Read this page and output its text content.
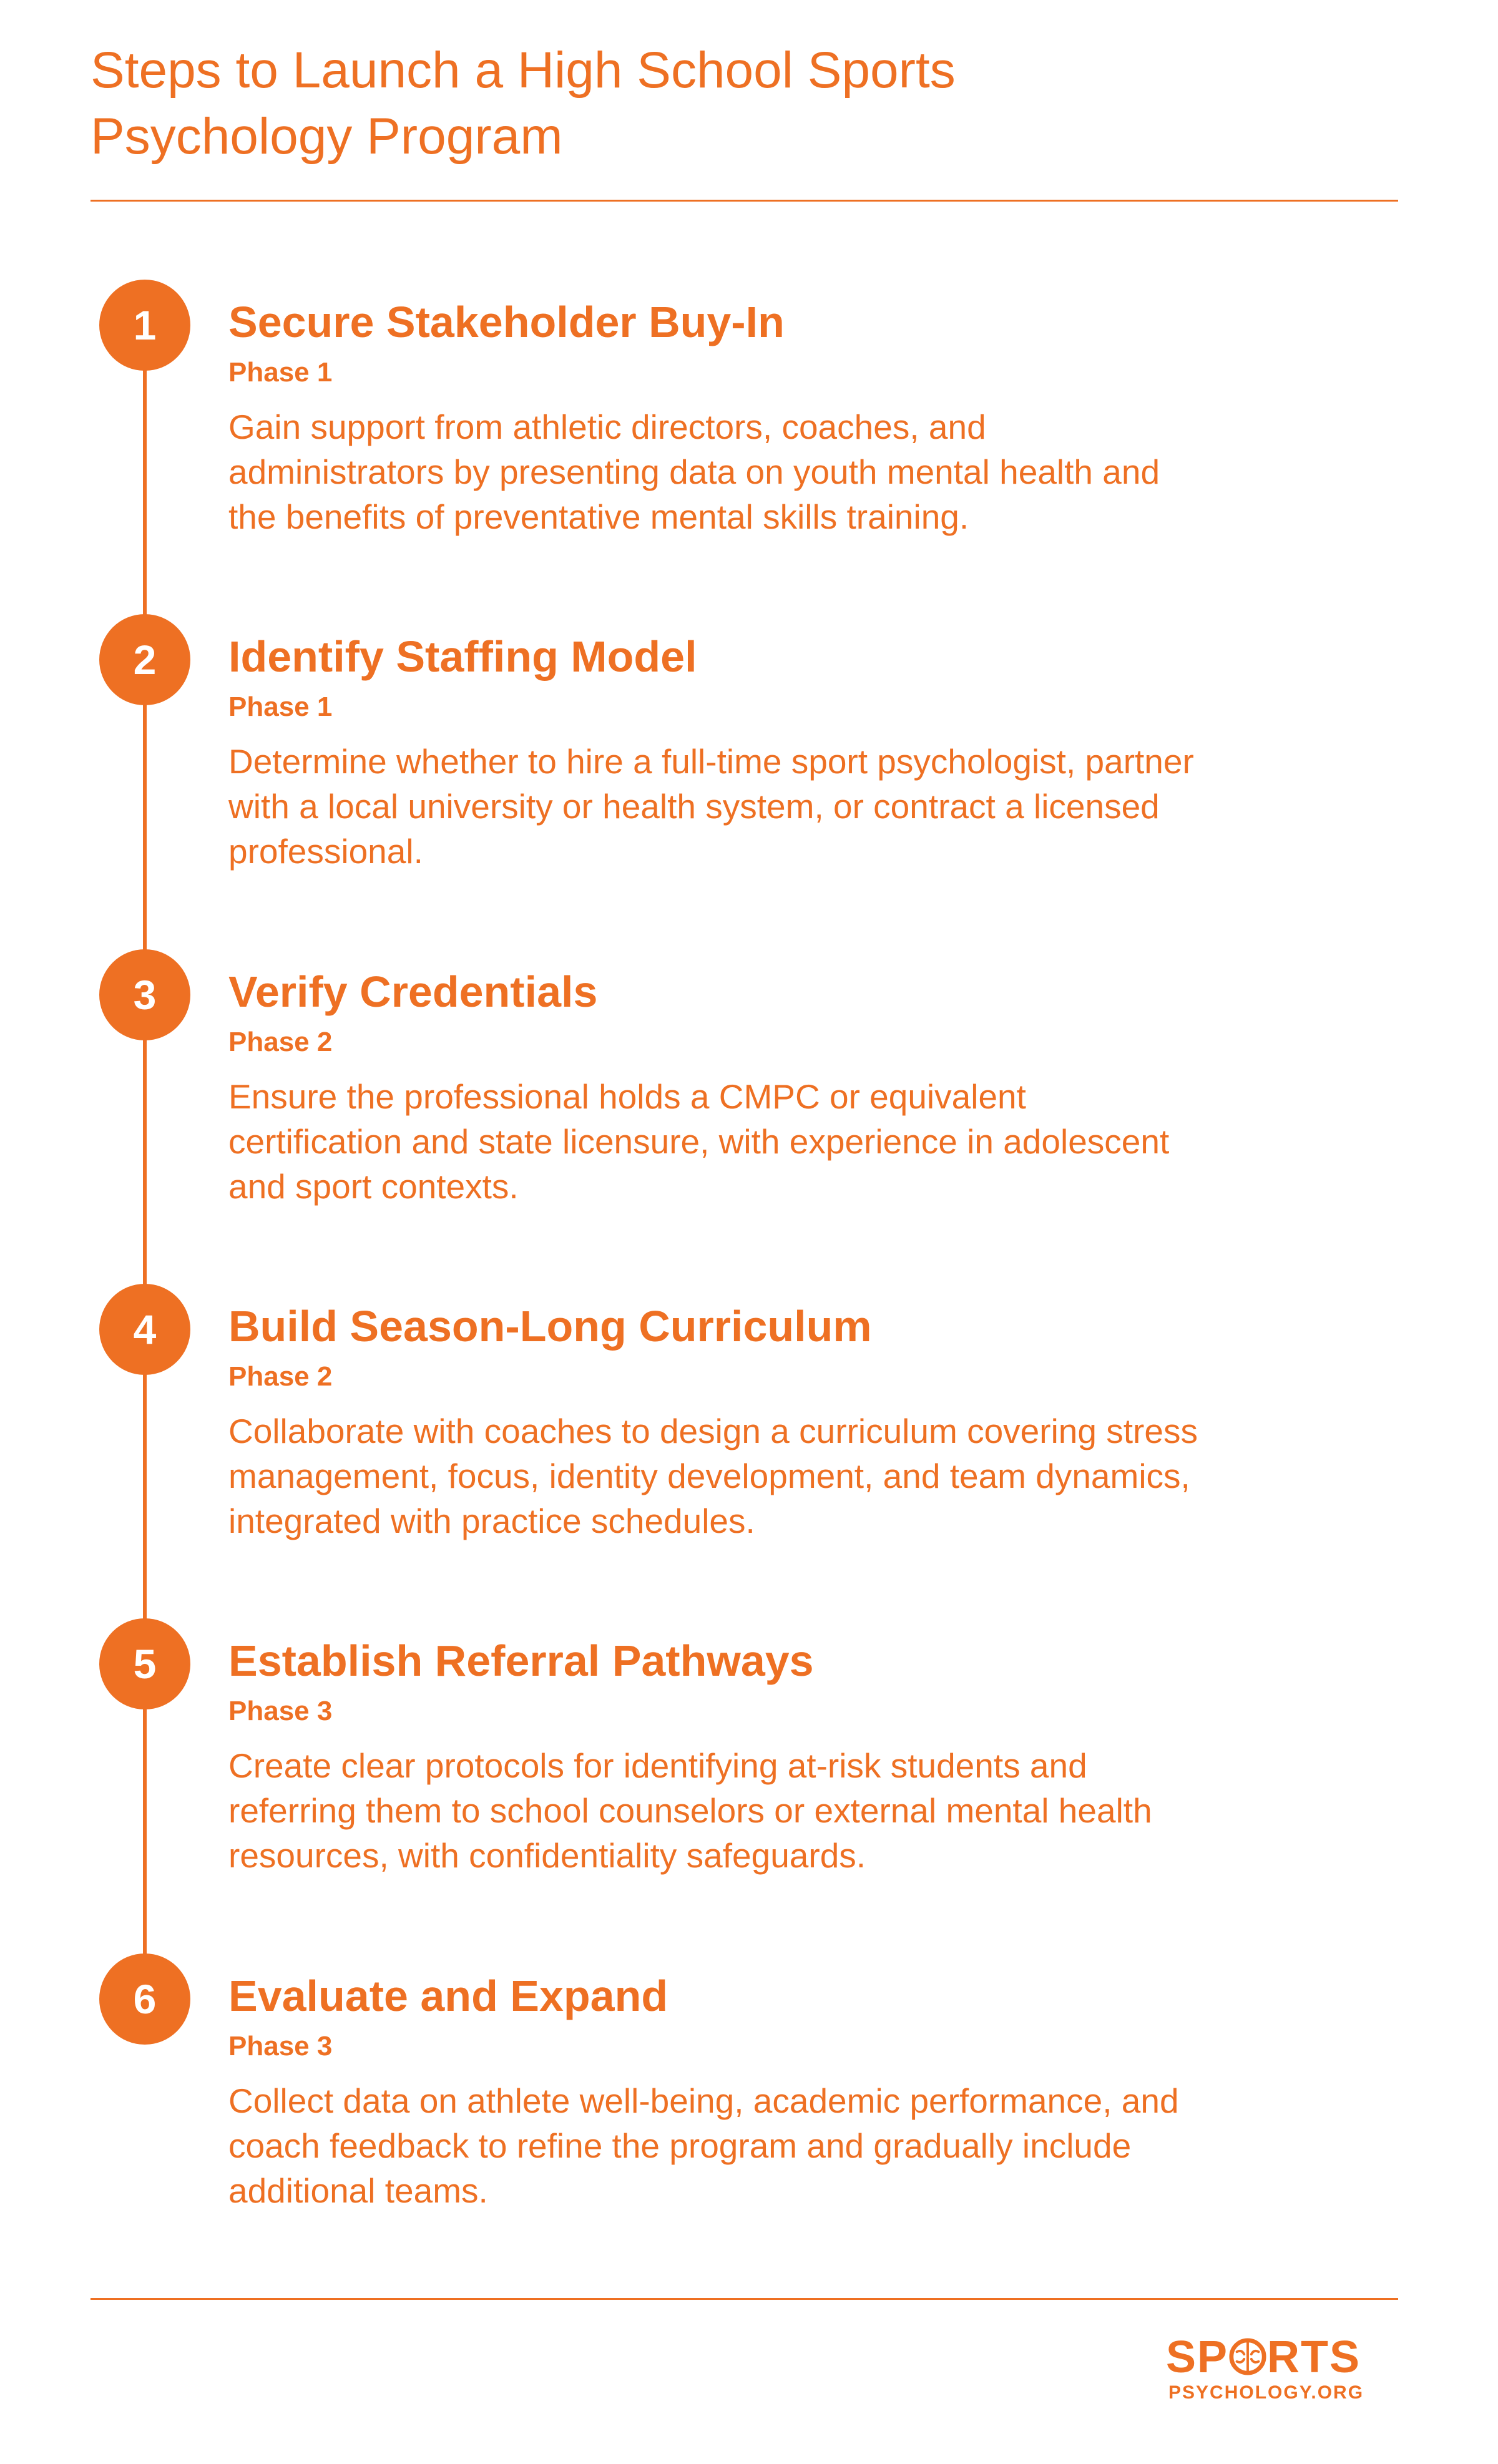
Steps to Launch a High School Sports Psychology Program
1	Secure Stakeholder Buy-In
Phase 1
Gain support from athletic directors, coaches, and administrators by presenting data on youth mental health and the benefits of preventative mental skills training.
2	Identify Staffing Model
Phase 1
Determine whether to hire a full-time sport psychologist, partner with a local university or health system, or contract a licensed professional.
3	Verify Credentials
Phase 2
Ensure the professional holds a CMPC or equivalent certification and state licensure, with experience in adolescent and sport contexts.
4	Build Season-Long Curriculum
Phase 2
Collaborate with coaches to design a curriculum covering stress management, focus, identity development, and team dynamics, integrated with practice schedules.
5	Establish Referral Pathways
Phase 3
Create clear protocols for identifying at-risk students and referring them to school counselors or external mental health resources, with confidentiality safeguards.
6	Evaluate and Expand
Phase 3
Collect data on athlete well-being, academic performance, and coach feedback to refine the program and gradually include additional teams.
SP RTS
PSYCHOLOGY.ORG
